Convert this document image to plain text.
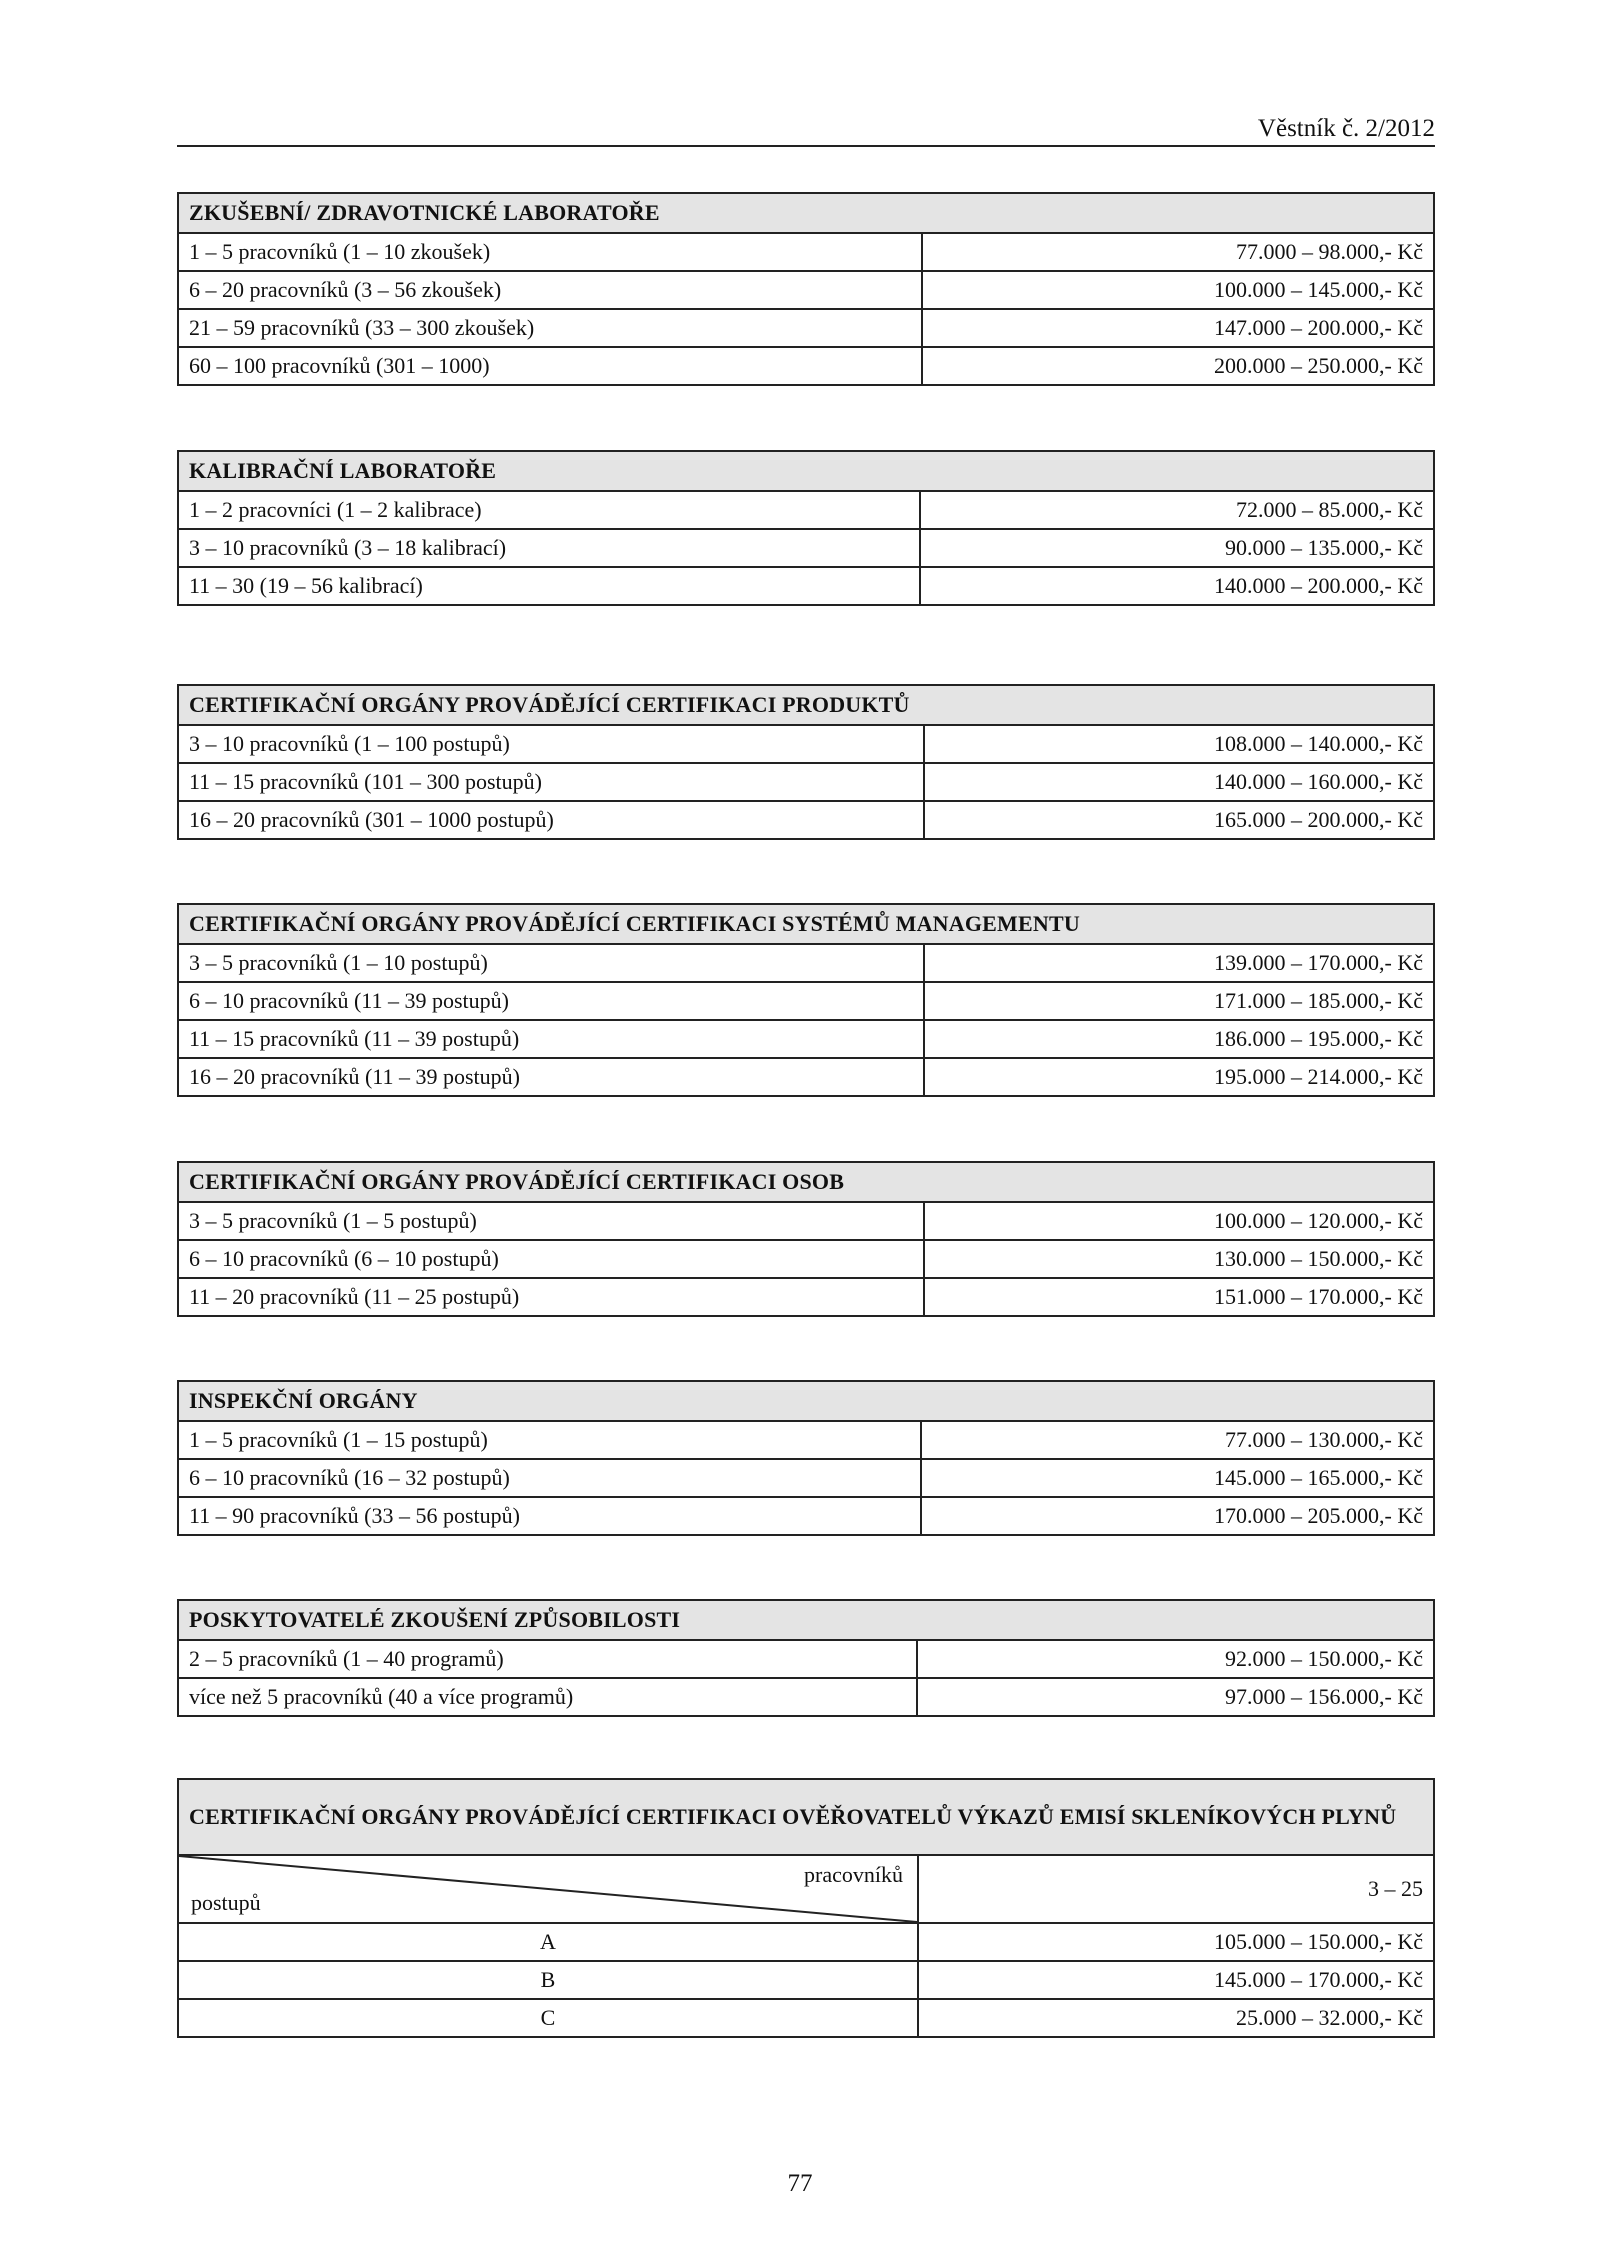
Věstník č. 2/2012
ZKUŠEBNÍ/ ZDRAVOTNICKÉ LABORATOŘE	
1 – 5 pracovníků (1 – 10 zkoušek)	77.000 – 98.000,- Kč
6 – 20 pracovníků (3 – 56 zkoušek)	100.000 – 145.000,- Kč
21 – 59 pracovníků (33 – 300 zkoušek)	147.000 – 200.000,- Kč
60 – 100 pracovníků (301 – 1000)	200.000 – 250.000,- Kč
KALIBRAČNÍ LABORATOŘE	
1 – 2 pracovníci (1 – 2 kalibrace)	72.000 – 85.000,- Kč
3 – 10 pracovníků (3 – 18 kalibrací)	90.000 – 135.000,- Kč
11 – 30 (19 – 56 kalibrací)	140.000 – 200.000,- Kč
CERTIFIKAČNÍ ORGÁNY PROVÁDĚJÍCÍ CERTIFIKACI PRODUKTŮ	
3 – 10 pracovníků (1 – 100 postupů)	108.000 – 140.000,- Kč
11 – 15 pracovníků (101 – 300 postupů)	140.000 – 160.000,- Kč
16 – 20 pracovníků (301 – 1000 postupů)	165.000 – 200.000,- Kč
CERTIFIKAČNÍ ORGÁNY PROVÁDĚJÍCÍ CERTIFIKACI SYSTÉMŮ MANAGEMENTU	
3 – 5 pracovníků (1 – 10 postupů)	139.000 – 170.000,- Kč
6 – 10 pracovníků (11 – 39 postupů)	171.000 – 185.000,- Kč
11 – 15 pracovníků (11 – 39 postupů)	186.000 – 195.000,- Kč
16 – 20 pracovníků (11 – 39 postupů)	195.000 – 214.000,- Kč
CERTIFIKAČNÍ ORGÁNY PROVÁDĚJÍCÍ CERTIFIKACI OSOB	
3 – 5 pracovníků (1 – 5 postupů)	100.000 – 120.000,- Kč
6 – 10 pracovníků (6 – 10 postupů)	130.000 – 150.000,- Kč
11 – 20 pracovníků (11 – 25 postupů)	151.000 – 170.000,- Kč
INSPEKČNÍ ORGÁNY	
1 – 5 pracovníků (1 – 15 postupů)	77.000 – 130.000,- Kč
6 – 10 pracovníků (16 – 32 postupů)	145.000 – 165.000,- Kč
11 – 90 pracovníků (33 – 56 postupů)	170.000 – 205.000,- Kč
POSKYTOVATELÉ ZKOUŠENÍ ZPŮSOBILOSTI	
2 – 5 pracovníků (1 – 40 programů)	92.000 – 150.000,- Kč
více než 5 pracovníků (40 a více programů)	97.000 – 156.000,- Kč
CERTIFIKAČNÍ ORGÁNY PROVÁDĚJÍCÍ CERTIFIKACI OVĚŘOVATELŮ VÝKAZŮ EMISÍ SKLENÍKOVÝCH PLYNŮ	

pracovníků
postupů	3 – 25
A	105.000 – 150.000,- Kč
B	145.000 – 170.000,- Kč
C	25.000 – 32.000,- Kč
77
